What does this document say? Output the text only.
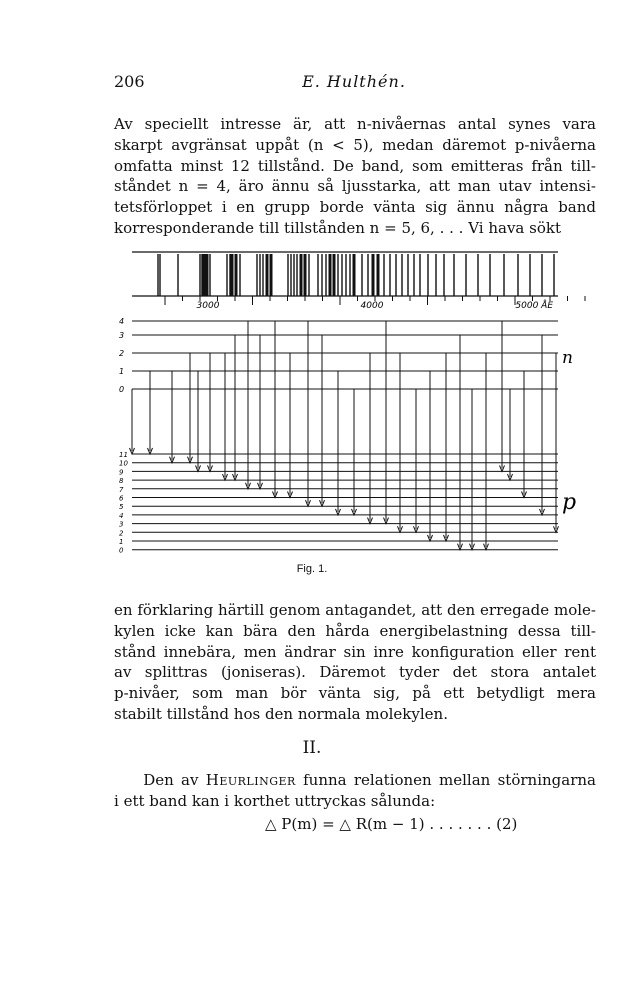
206	E. Hulthén.
Av speciellt intresse är, att n-nivåernas antal synes vara
skarpt avgränsat uppåt (n < 5), medan däremot p-nivåerna
omfatta minst 12 tillstånd. De band, som emitteras från till-
ståndet n = 4, äro ännu så ljusstarka, att man utav intensi-
tetsförloppet i en grupp borde vänta sig ännu några band
korresponderande till tillstånden n = 5, 6, . . . Vi hava sökt
3000	4000	5000 ÅE
4
3
2
1
0
n
11
10
9
8
7
6
5
4
3
2
1
0
p
Fig. 1.
en förklaring härtill genom antagandet, att den erregade mole-
kylen icke kan bära den hårda energibelastning dessa till-
stånd innebära, men ändrar sin inre konfiguration eller rent
av splittras (joniseras). Däremot tyder det stora antalet
p-nivåer, som man bör vänta sig, på ett betydligt mera
stabilt tillstånd hos den normala molekylen.
II.
Den av Heurlinger funna relationen mellan störningarna
i ett band kan i korthet uttryckas sålunda:
△ P(m) = △ R(m − 1) . . . . . . . (2)
